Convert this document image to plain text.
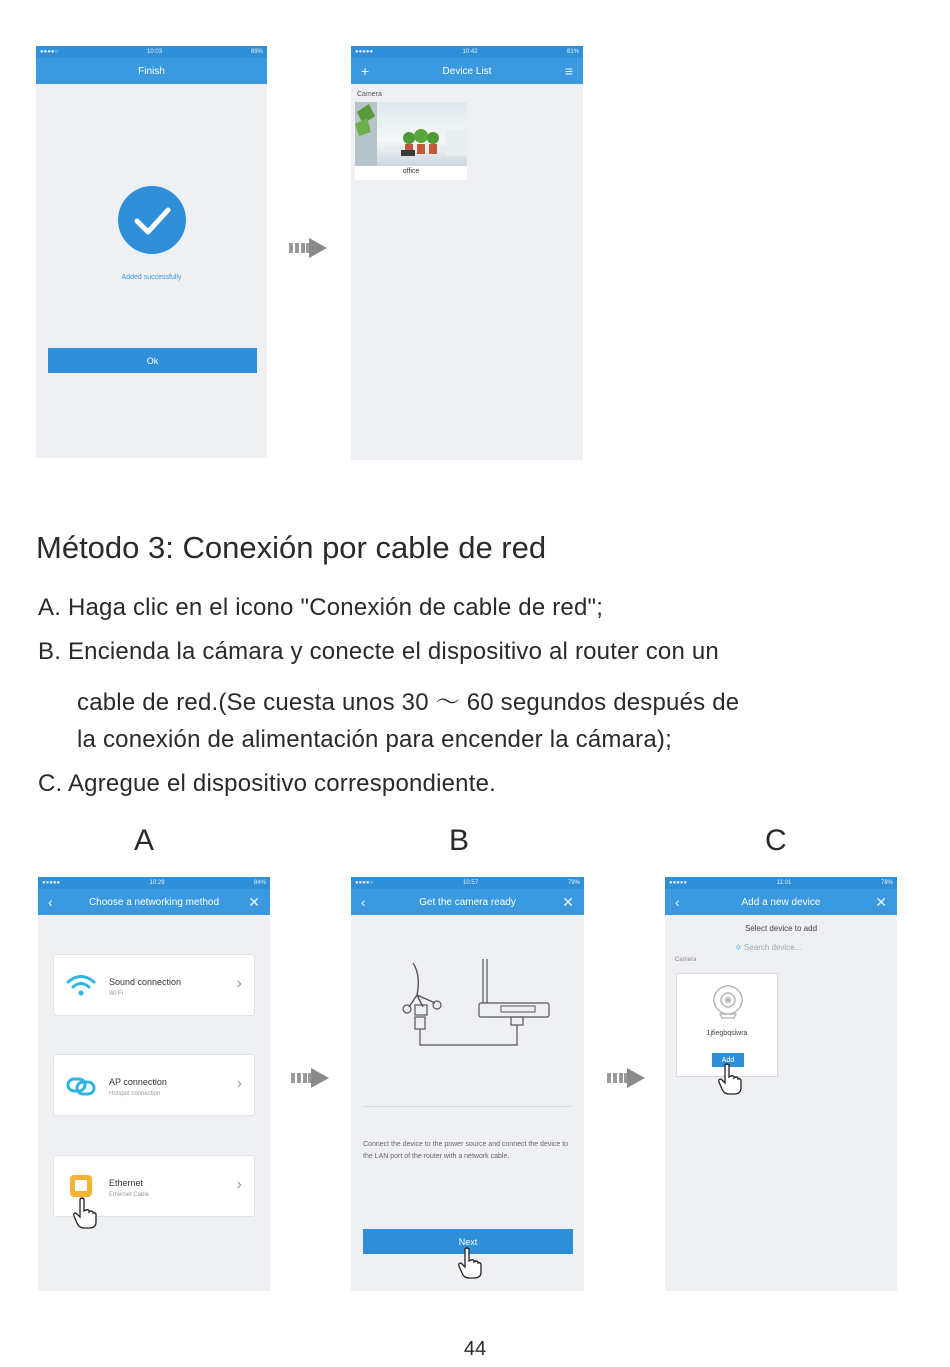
●●●●○	10:03	89%
Finish
Added successfully
Ok
●●●●●	10:42	81%
+	Device List	≡
Camera
office
Método 3: Conexión por cable de red
A. Haga clic en el icono "Conexión de cable de red";
B. Encienda la cámara y conecte el dispositivo al router con un
cable de red.(Se cuesta unos 30 ～ 60 segundos después de
la conexión de alimentación para encender la cámara);
C. Agregue el dispositivo correspondiente.
A	B	C
●●●●●	10:29	84%
‹	Choose a networking method ✕
Sound connection
Wi-Fi
›
AP connection
Hotspot connection
›
Ethernet
Ethernet Cable
›
●●●●○	10:57	79%
‹	Get the camera ready	✕
Connect the device to the power source and connect the device to the LAN port of the router with a network cable.
Next
●●●●●	11:01	78%
‹	Add a new device	✕
Select device to add
✲ Search device...
Camera
1jfiegbqsiwra
Add
44
